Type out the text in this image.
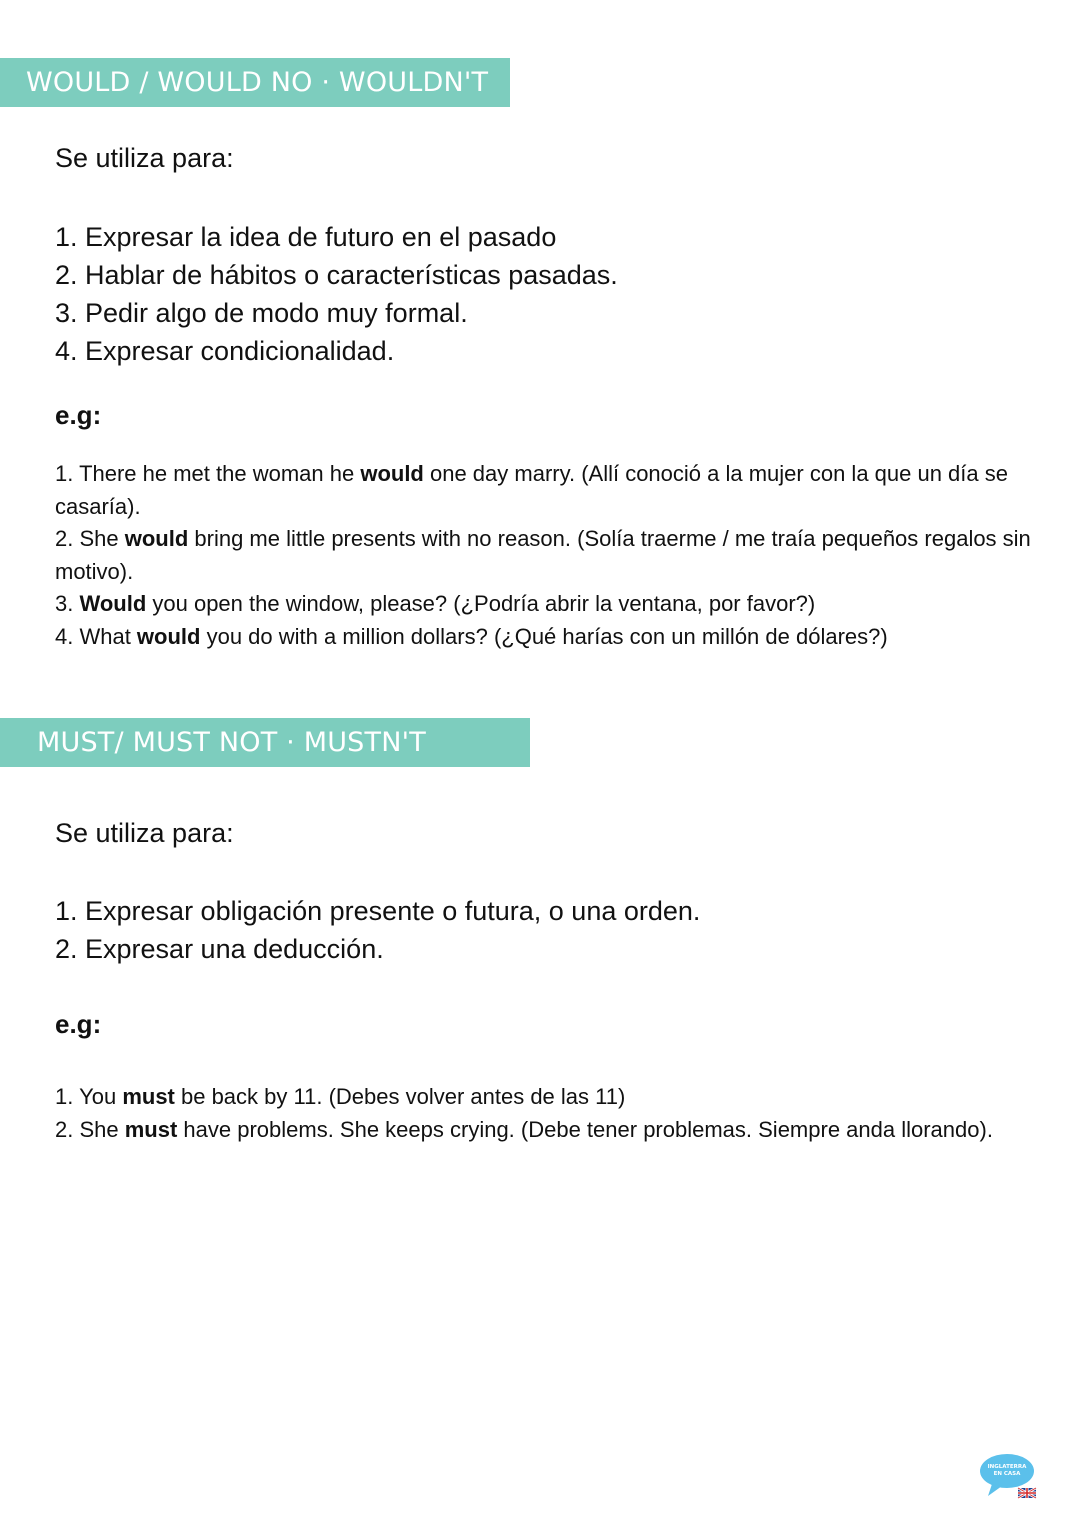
WOULD / WOULD NO · WOULDN'T
Se utiliza para:
1. Expresar la idea de futuro en el pasado
2. Hablar de hábitos o características pasadas.
3. Pedir algo de modo muy formal.
4. Expresar condicionalidad.
e.g:
1. There he met the woman he would one day marry. (Allí conoció a la mujer con la que un día se casaría).
2. She would bring me little presents with no reason. (Solía traerme / me traía pequeños regalos sin motivo).
3. Would you open the window, please? (¿Podría abrir la ventana, por favor?)
4. What would you do with a million dollars? (¿Qué harías con un millón de dólares?)
MUST/ MUST NOT · MUSTN'T
Se utiliza para:
1. Expresar obligación presente o futura, o una orden.
2. Expresar una deducción.
e.g:
1. You must be back by 11. (Debes volver antes de las 11)
2. She must have problems. She keeps crying. (Debe tener problemas. Siempre anda llorando).
INGLATERRA
EN CASA
